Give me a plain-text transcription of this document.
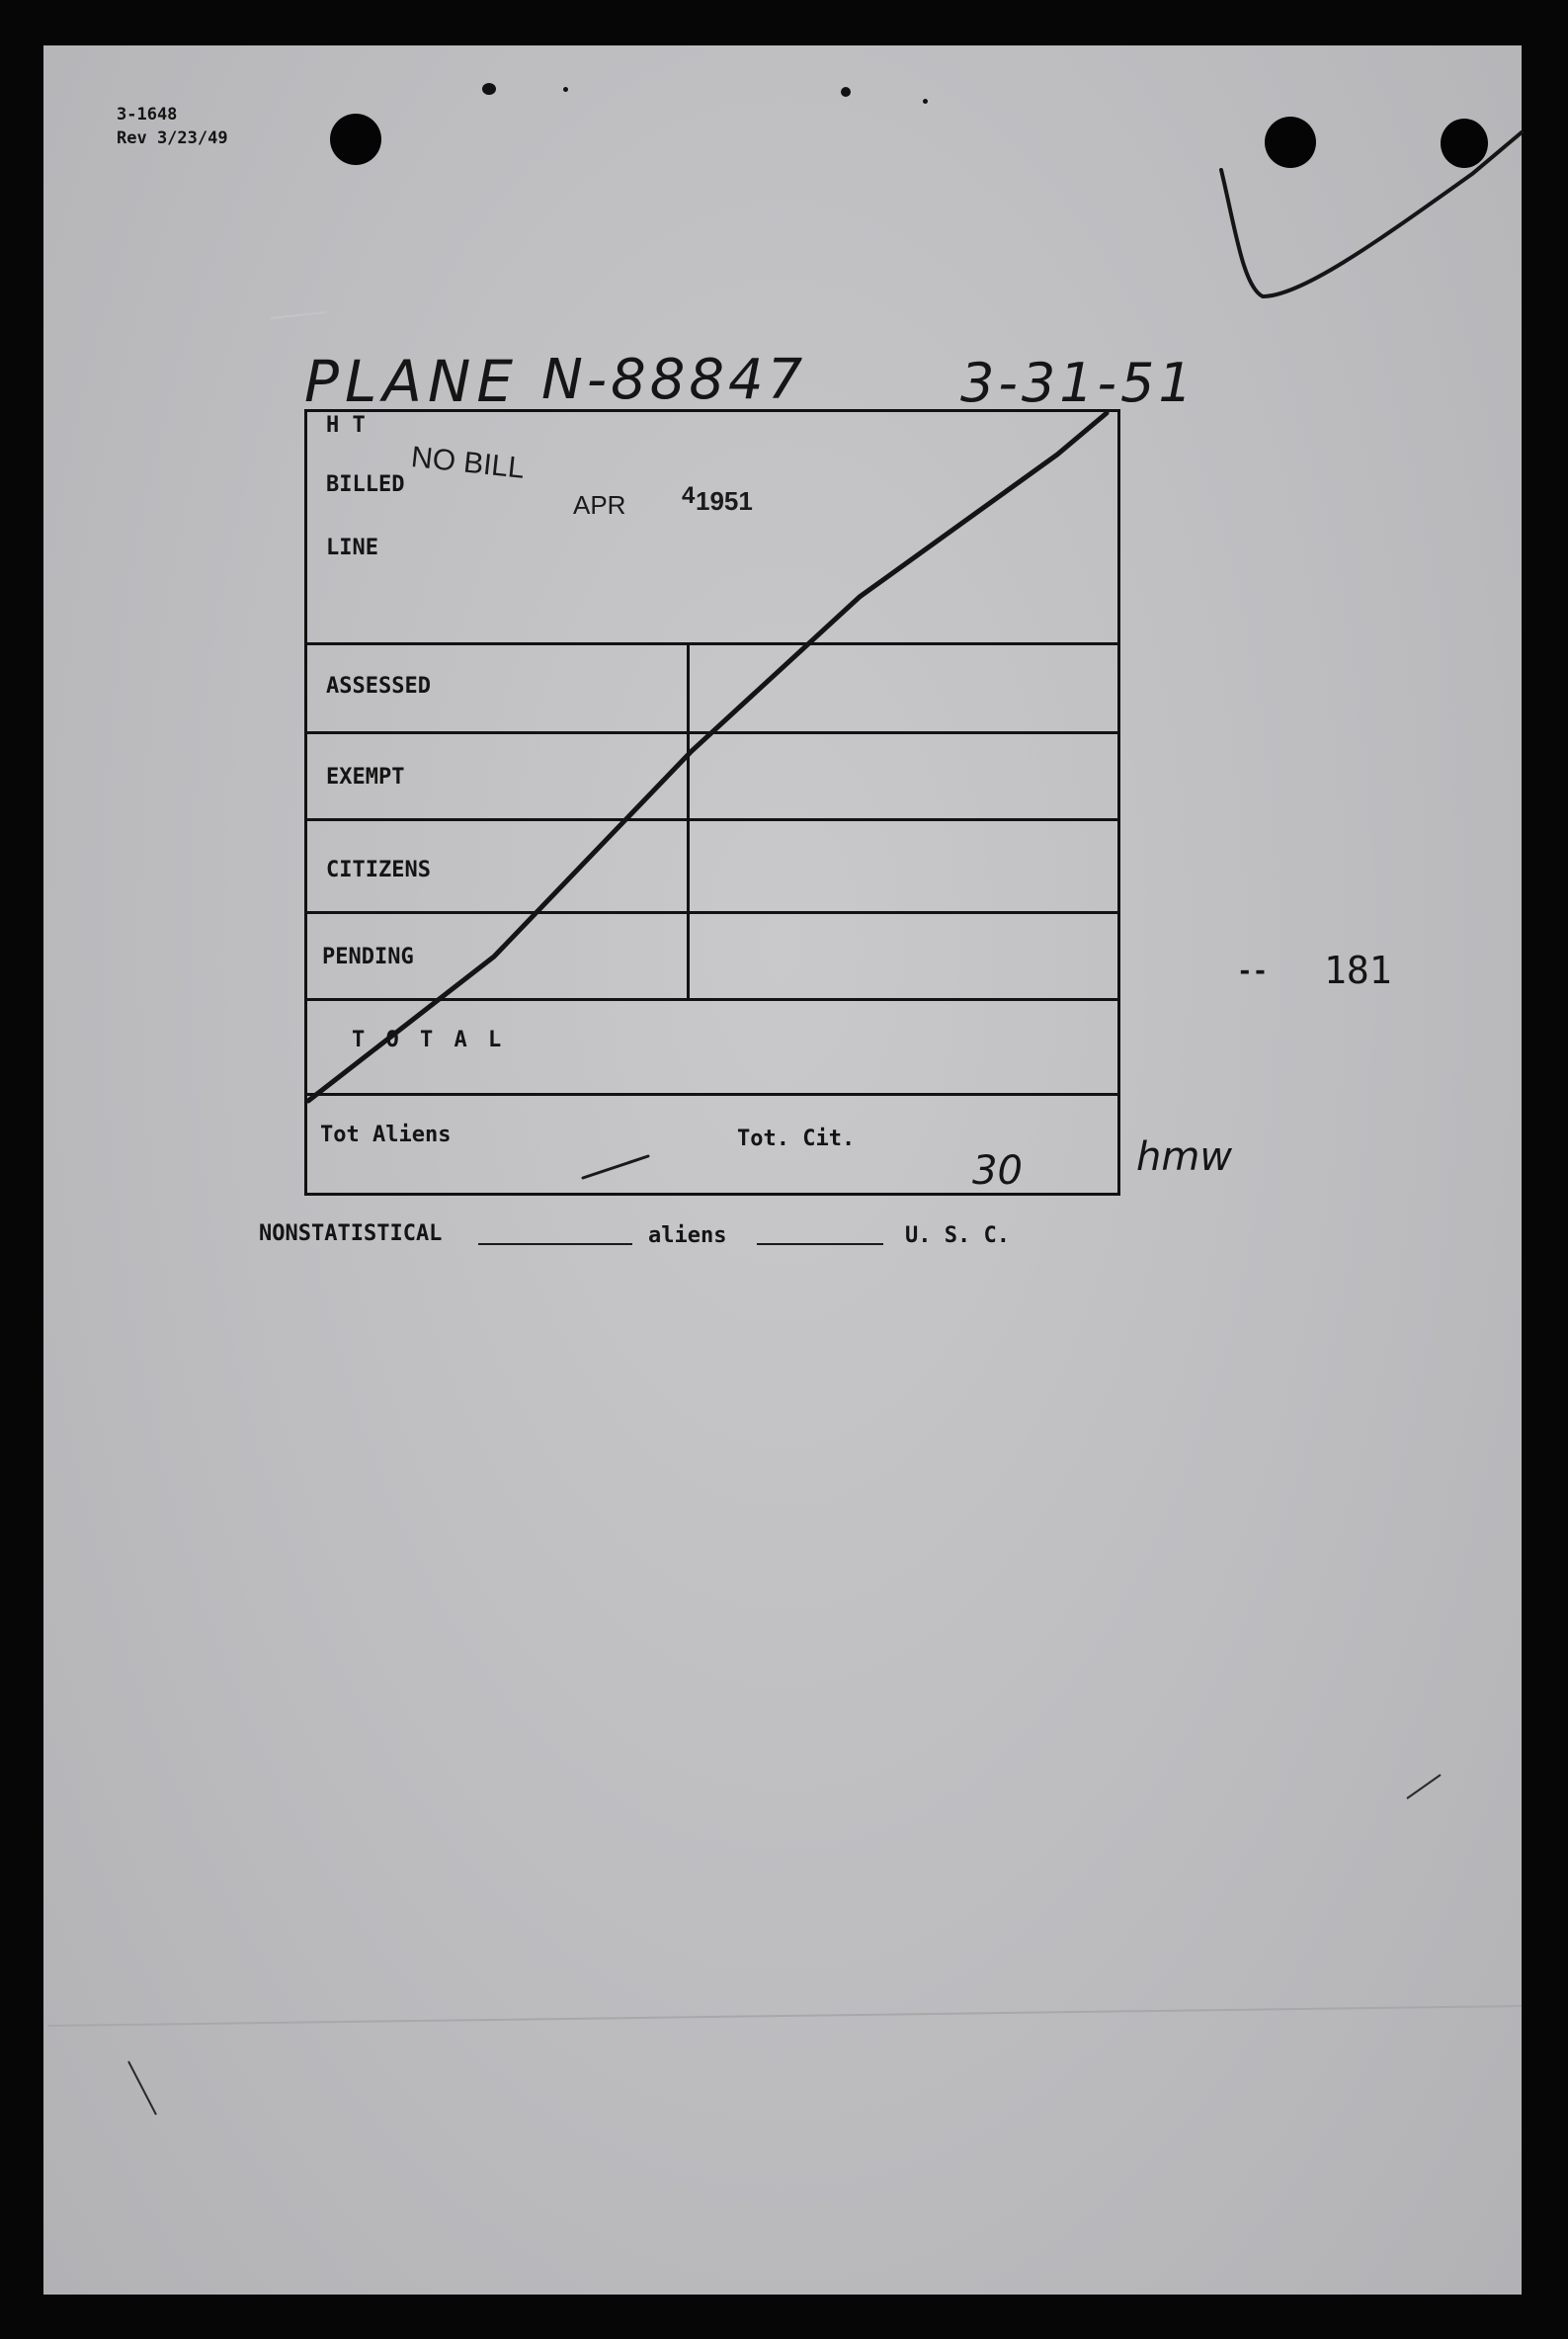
3-1648
Rev 3/23/49
PLANE N-88847	3-31-51
H T
BILLED
LINE
ASSESSED
EXEMPT
CITIZENS
PENDING
T O T A L
Tot Aliens	Tot. Cit.
NO BILL
APR 4 1951
30	hmw
-- 181
NONSTATISTICAL	aliens	U. S. C.
